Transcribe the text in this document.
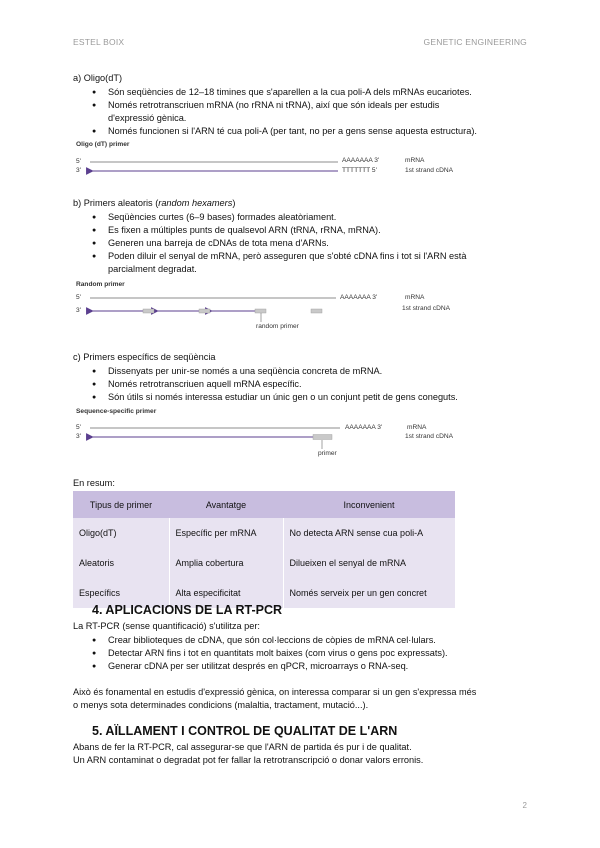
ESTEL BOIX	GENETIC ENGINEERING
a) Oligo(dT)
● Són seqüències de 12–18 timines que s'aparellen a la cua poli-A dels mRNAs eucariotes.
● Només retrotranscriuen mRNA (no rRNA ni tRNA), així que són ideals per estudis
d'expressió gènica.
● Només funcionen si l'ARN té cua poli-A (per tant, no per a gens sense aquesta estructura).
Oligo (dT) primer
5'
3'
AAAAAAA 3'
TTTTTTT 5'
mRNA
1st strand cDNA
b) Primers aleatoris (random hexamers)
● Seqüències curtes (6–9 bases) formades aleatòriament.
● Es fixen a múltiples punts de qualsevol ARN (tRNA, rRNA, mRNA).
● Generen una barreja de cDNAs de tota mena d'ARNs.
● Poden diluir el senyal de mRNA, però asseguren que s'obté cDNA fins i tot si l'ARN està
parcialment degradat.
Random primer
5'
3'
AAAAAAA 3'	mRNA
1st strand cDNA
random primer
c) Primers específics de seqüència
● Dissenyats per unir-se només a una seqüència concreta de mRNA.
● Només retrotranscriuen aquell mRNA específic.
● Són útils si només interessa estudiar un únic gen o un conjunt petit de gens coneguts.
Sequence-specific primer
5'
3'
AAAAAAA 3'	mRNA
1st strand cDNA
primer
En resum:
Tipus de primer	Avantatge	Inconvenient
Oligo(dT)	Específic per mRNA	No detecta ARN sense cua poli-A
Aleatoris	Amplia cobertura	Dilueixen el senyal de mRNA
Específics	Alta especificitat	Només serveix per un gen concret
4. APLICACIONS DE LA RT-PCR
La RT-PCR (sense quantificació) s'utilitza per:
● Crear biblioteques de cDNA, que són col·leccions de còpies de mRNA cel·lulars.
● Detectar ARN fins i tot en quantitats molt baixes (com virus o gens poc expressats).
● Generar cDNA per ser utilitzat després en qPCR, microarrays o RNA-seq.
Això és fonamental en estudis d'expressió gènica, on interessa comparar si un gen s'expressa més
o menys sota determinades condicions (malaltia, tractament, mutació...).
5. AÏLLAMENT I CONTROL DE QUALITAT DE L'ARN
Abans de fer la RT-PCR, cal assegurar-se que l'ARN de partida és pur i de qualitat.
Un ARN contaminat o degradat pot fer fallar la retrotranscripció o donar valors erronis.
2
